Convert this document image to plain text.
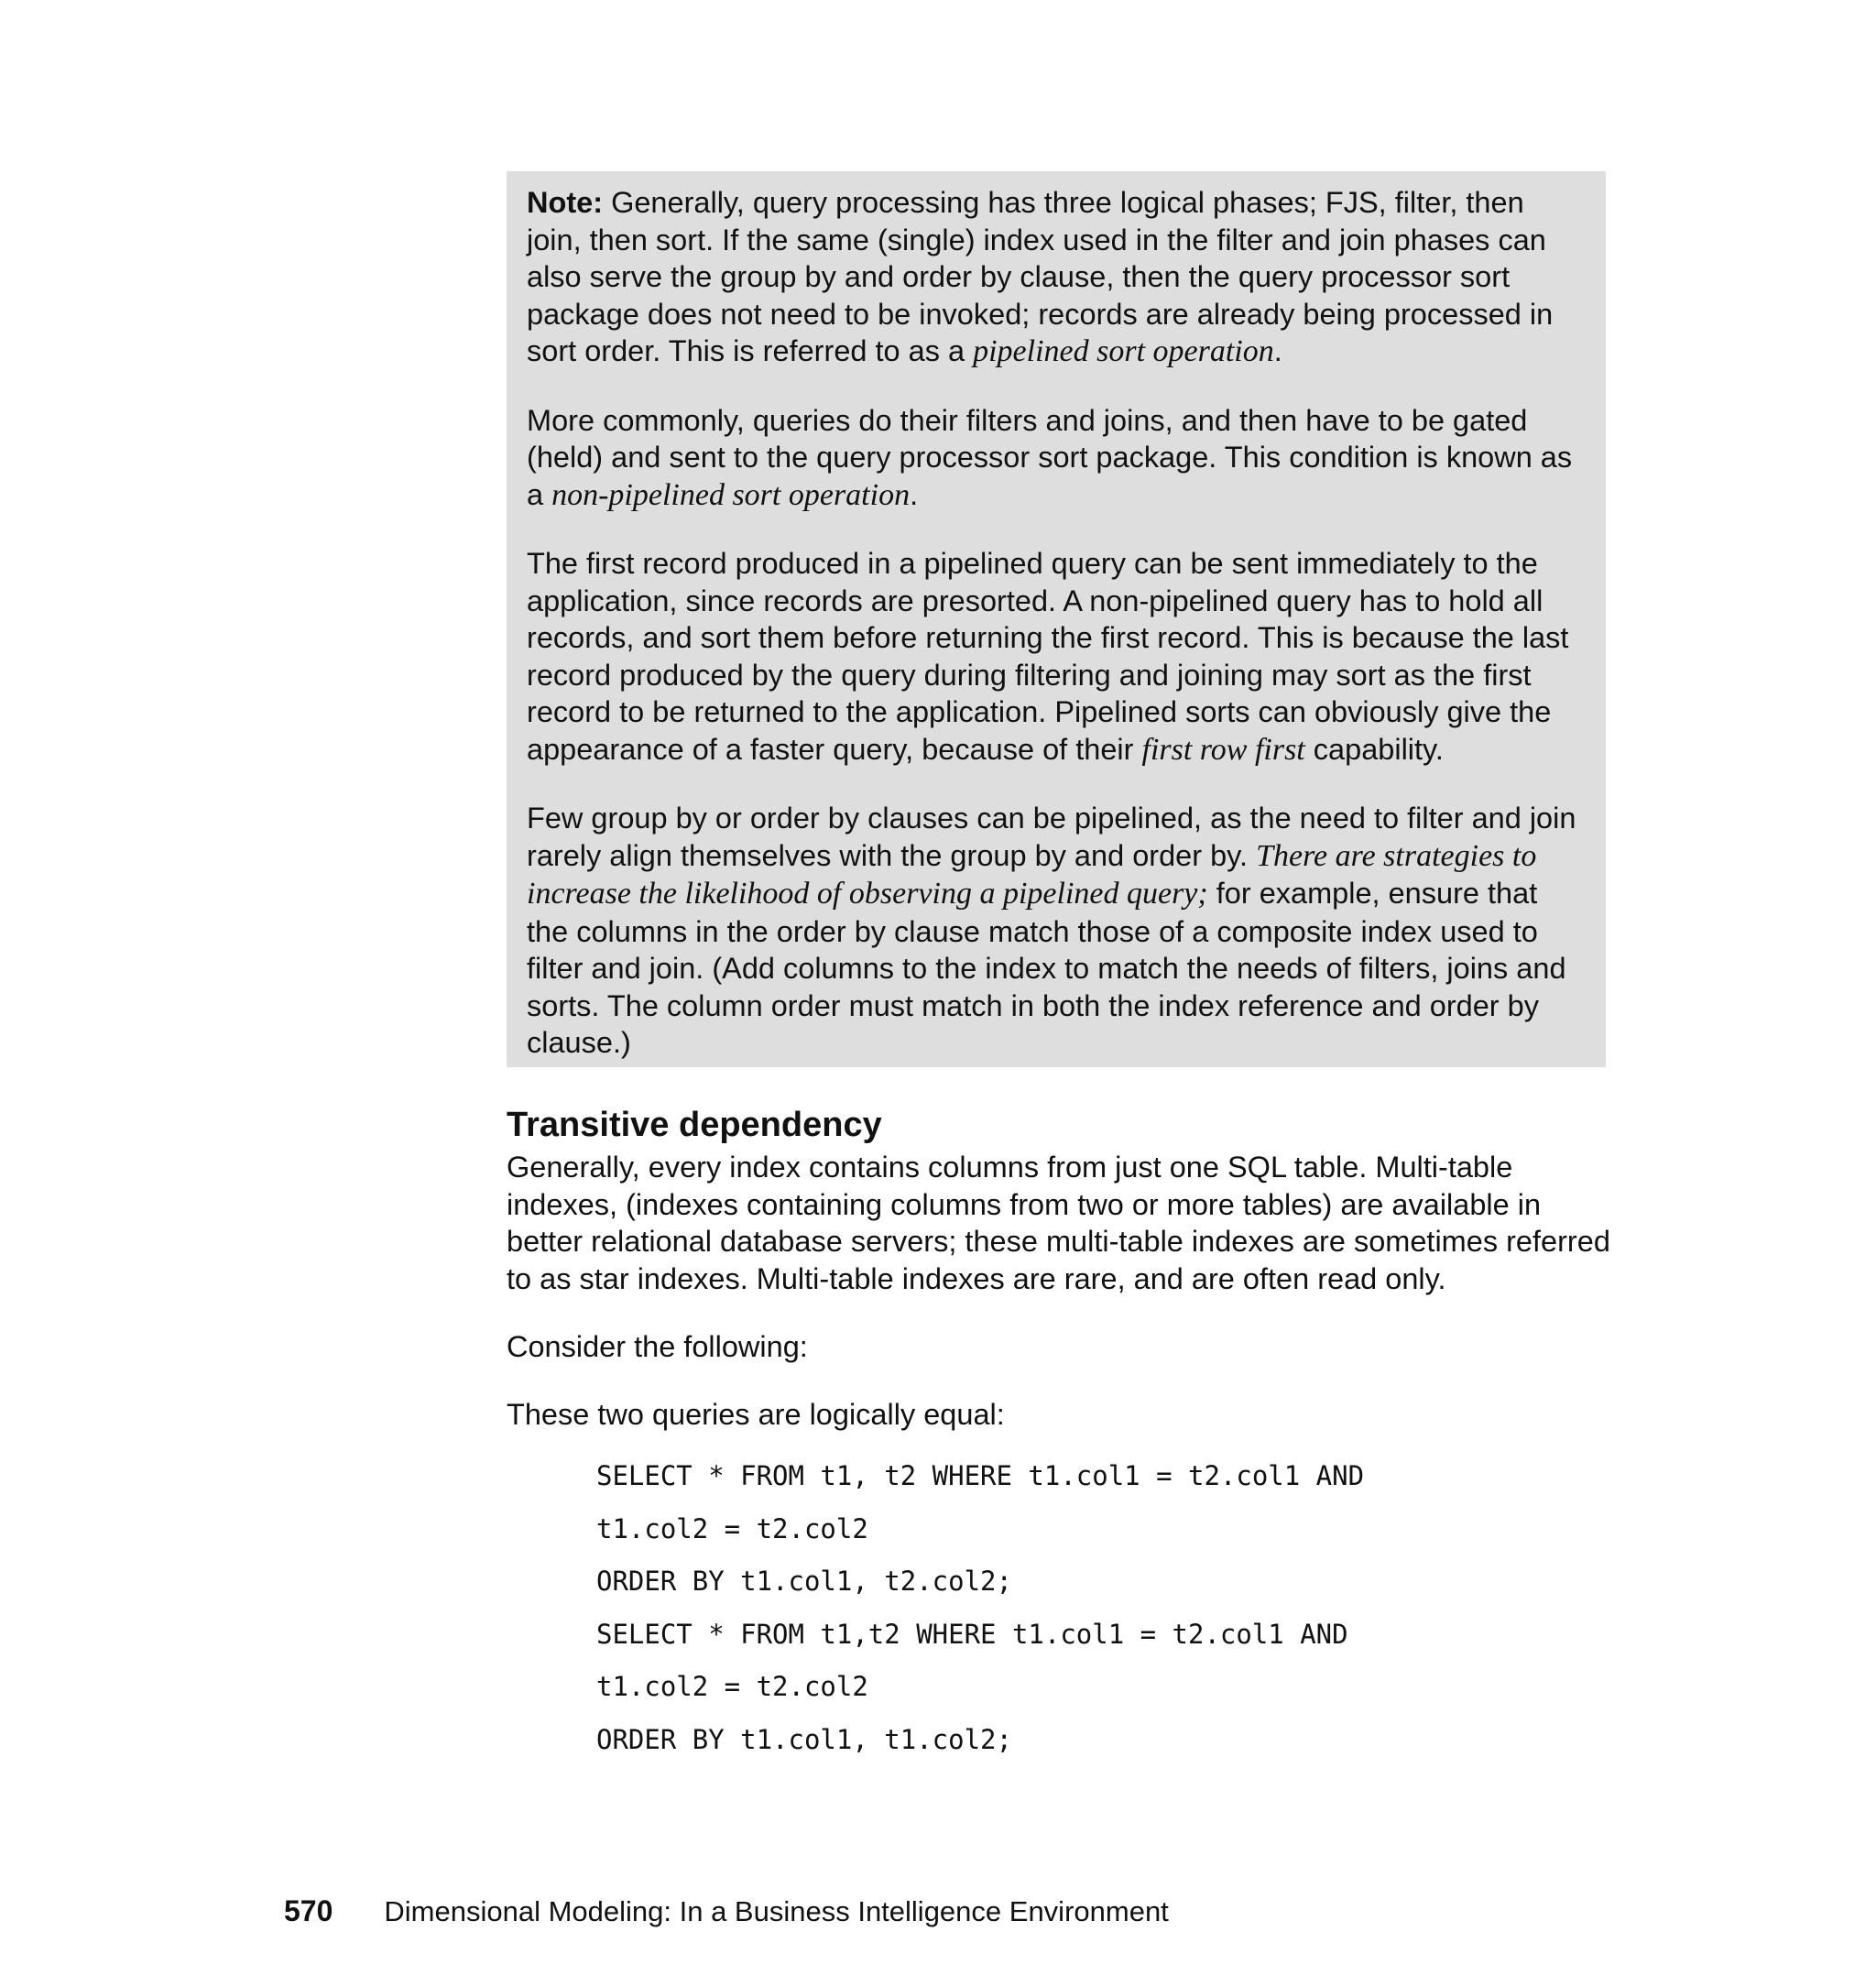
Note: Generally, query processing has three logical phases; FJS, filter, then join, then sort. If the same (single) index used in the filter and join phases can also serve the group by and order by clause, then the query processor sort package does not need to be invoked; records are already being processed in sort order. This is referred to as a pipelined sort operation.

More commonly, queries do their filters and joins, and then have to be gated (held) and sent to the query processor sort package. This condition is known as a non-pipelined sort operation.

The first record produced in a pipelined query can be sent immediately to the application, since records are presorted. A non-pipelined query has to hold all records, and sort them before returning the first record. This is because the last record produced by the query during filtering and joining may sort as the first record to be returned to the application. Pipelined sorts can obviously give the appearance of a faster query, because of their first row first capability.

Few group by or order by clauses can be pipelined, as the need to filter and join rarely align themselves with the group by and order by. There are strategies to increase the likelihood of observing a pipelined query; for example, ensure that the columns in the order by clause match those of a composite index used to filter and join. (Add columns to the index to match the needs of filters, joins and sorts. The column order must match in both the index reference and order by clause.)

Transitive dependency

Generally, every index contains columns from just one SQL table. Multi-table indexes, (indexes containing columns from two or more tables) are available in better relational database servers; these multi-table indexes are sometimes referred to as star indexes. Multi-table indexes are rare, and are often read only.

Consider the following:

These two queries are logically equal:

SELECT * FROM t1, t2 WHERE t1.col1 = t2.col1 AND
t1.col2 = t2.col2
ORDER BY t1.col1, t2.col2;
SELECT * FROM t1,t2 WHERE t1.col1 = t2.col1 AND
t1.col2 = t2.col2
ORDER BY t1.col1, t1.col2;
570 Dimensional Modeling: In a Business Intelligence Environment
